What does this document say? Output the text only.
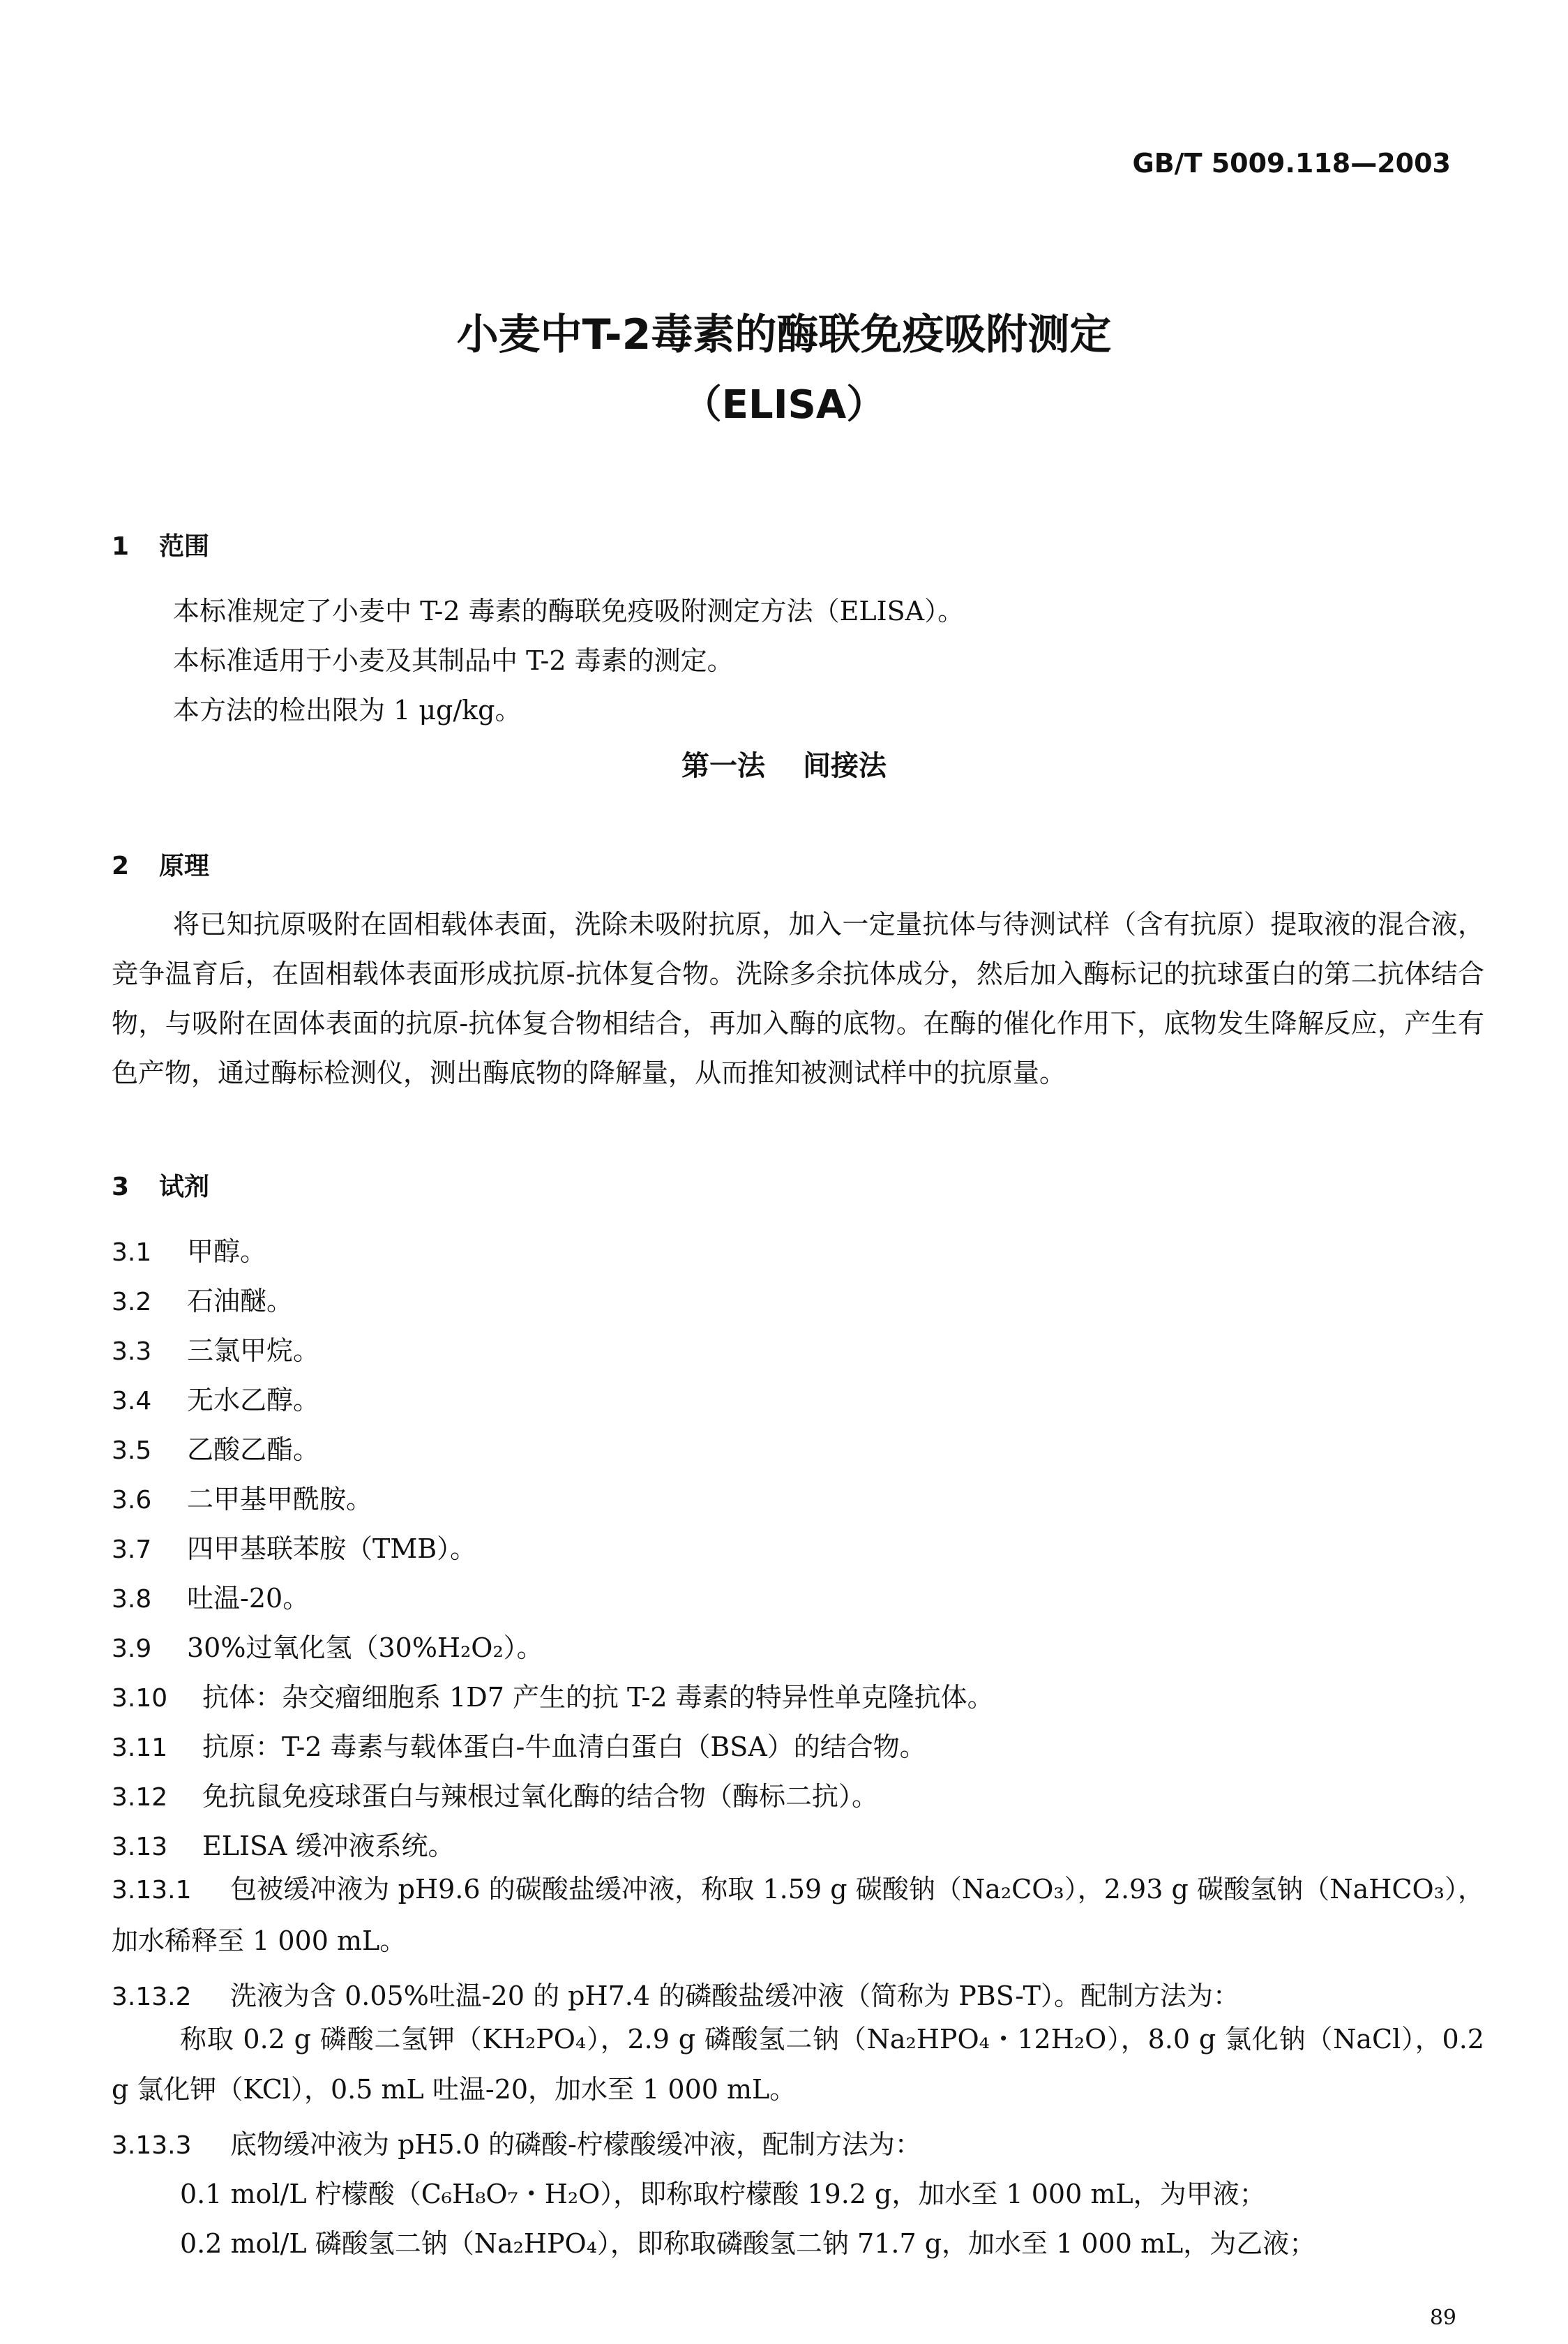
GB/T 5009.118—2003
小麦中T-2毒素的酶联免疫吸附测定
（ELISA）
1 范围
本标准规定了小麦中 T-2 毒素的酶联免疫吸附测定方法（ELISA）。
本标准适用于小麦及其制品中 T-2 毒素的测定。
本方法的检出限为 1 μg/kg。
第一法 间接法
2 原理
将已知抗原吸附在固相载体表面，洗除未吸附抗原，加入一定量抗体与待测试样（含有抗原）提取液的混合液，竞争温育后，在固相载体表面形成抗原-抗体复合物。洗除多余抗体成分，然后加入酶标记的抗球蛋白的第二抗体结合物，与吸附在固体表面的抗原-抗体复合物相结合，再加入酶的底物。在酶的催化作用下，底物发生降解反应，产生有色产物，通过酶标检测仪，测出酶底物的降解量，从而推知被测试样中的抗原量。
3 试剂
3.1 甲醇。
3.2 石油醚。
3.3 三氯甲烷。
3.4 无水乙醇。
3.5 乙酸乙酯。
3.6 二甲基甲酰胺。
3.7 四甲基联苯胺（TMB）。
3.8 吐温-20。
3.9 30%过氧化氢（30%H₂O₂）。
3.10 抗体：杂交瘤细胞系 1D7 产生的抗 T-2 毒素的特异性单克隆抗体。
3.11 抗原：T-2 毒素与载体蛋白-牛血清白蛋白（BSA）的结合物。
3.12 免抗鼠免疫球蛋白与辣根过氧化酶的结合物（酶标二抗）。
3.13 ELISA 缓冲液系统。
3.13.1 包被缓冲液为 pH9.6 的碳酸盐缓冲液，称取 1.59 g 碳酸钠（Na₂CO₃），2.93 g 碳酸氢钠（NaHCO₃），加水稀释至 1 000 mL。
3.13.2 洗液为含 0.05%吐温-20 的 pH7.4 的磷酸盐缓冲液（简称为 PBS-T）。配制方法为：
称取 0.2 g 磷酸二氢钾（KH₂PO₄），2.9 g 磷酸氢二钠（Na₂HPO₄・12H₂O），8.0 g 氯化钠（NaCl），0.2 g 氯化钾（KCl），0.5 mL 吐温-20，加水至 1 000 mL。
3.13.3 底物缓冲液为 pH5.0 的磷酸-柠檬酸缓冲液，配制方法为：
0.1 mol/L 柠檬酸（C₆H₈O₇・H₂O），即称取柠檬酸 19.2 g，加水至 1 000 mL，为甲液；
0.2 mol/L 磷酸氢二钠（Na₂HPO₄），即称取磷酸氢二钠 71.7 g，加水至 1 000 mL，为乙液；
89
